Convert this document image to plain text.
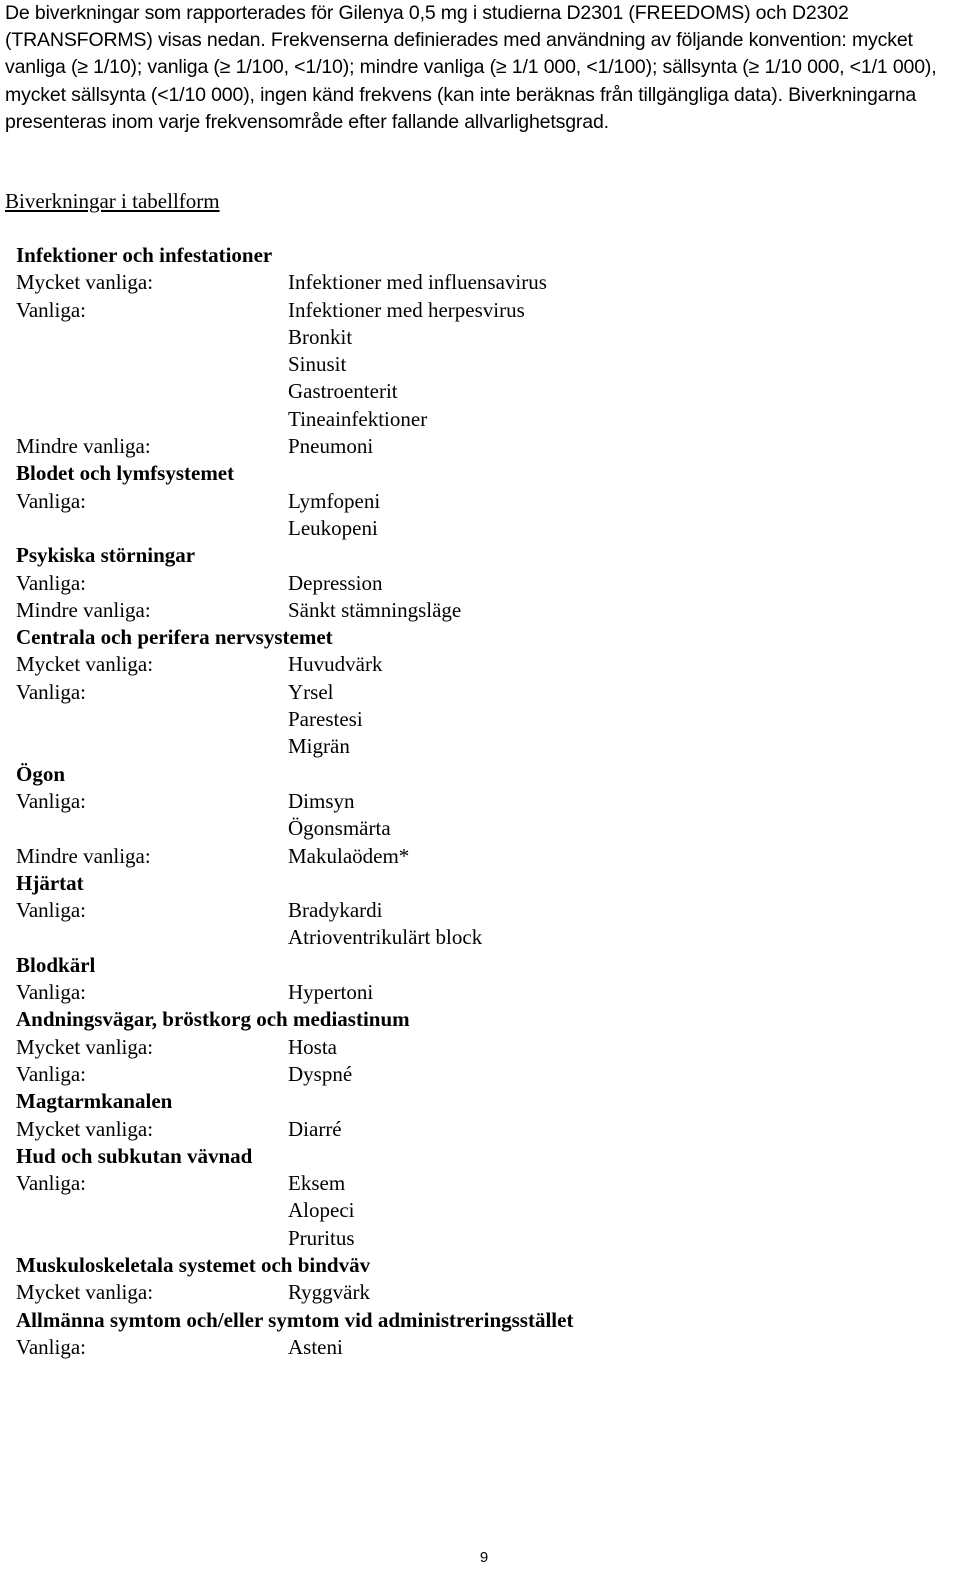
De biverkningar som rapporterades för Gilenya 0,5 mg i studierna D2301 (FREEDOMS) och D2302 (TRANSFORMS) visas nedan. Frekvenserna definierades med användning av följande konvention: mycket vanliga (≥ 1/10); vanliga (≥ 1/100, <1/10); mindre vanliga (≥ 1/1 000, <1/100); sällsynta (≥ 1/10 000, <1/1 000), mycket sällsynta (<1/10 000), ingen känd frekvens (kan inte beräknas från tillgängliga data). Biverkningarna presenteras inom varje frekvensområde efter fallande allvarlighetsgrad.

Biverkningar i tabellform

Infektioner och infestationer
Mycket vanliga:	Infektioner med influensavirus
Vanliga:	Infektioner med herpesvirus
Bronkit
Sinusit
Gastroenterit
Tineainfektioner
Mindre vanliga:	Pneumoni
Blodet och lymfsystemet
Vanliga:	Lymfopeni
Leukopeni
Psykiska störningar
Vanliga:	Depression
Mindre vanliga:	Sänkt stämningsläge
Centrala och perifera nervsystemet
Mycket vanliga:	Huvudvärk
Vanliga:	Yrsel
Parestesi
Migrän
Ögon
Vanliga:	Dimsyn
Ögonsmärta
Mindre vanliga:	Makulaödem*
Hjärtat
Vanliga:	Bradykardi
Atrioventrikulärt block
Blodkärl
Vanliga:	Hypertoni
Andningsvägar, bröstkorg och mediastinum
Mycket vanliga:	Hosta
Vanliga:	Dyspné
Magtarmkanalen
Mycket vanliga:	Diarré
Hud och subkutan vävnad
Vanliga:	Eksem
Alopeci
Pruritus
Muskuloskeletala systemet och bindväv
Mycket vanliga:	Ryggvärk
Allmänna symtom och/eller symtom vid administreringsstället
Vanliga:	Asteni
9
